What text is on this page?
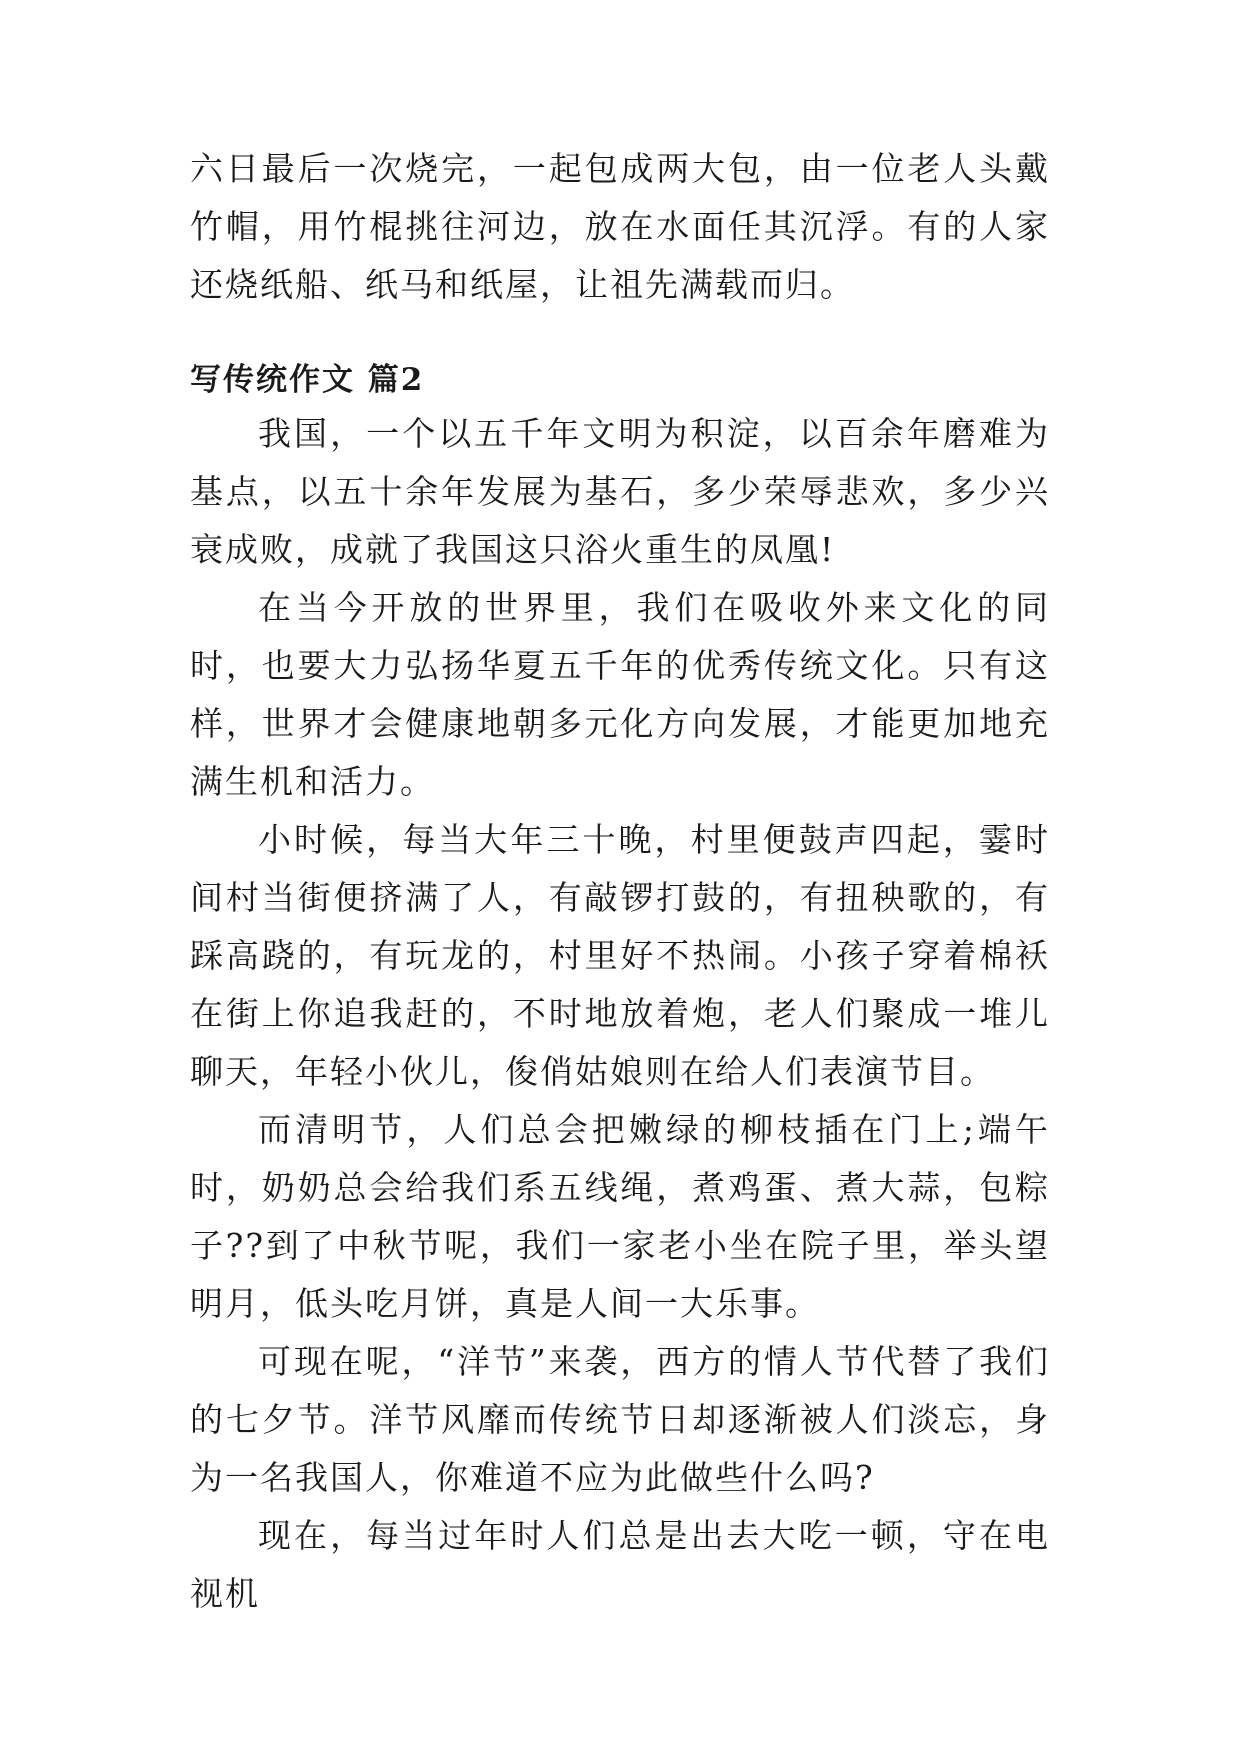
六日最后一次烧完，一起包成两大包，由一位老人头戴竹帽，用竹棍挑往河边，放在水面任其沉浮。有的人家还烧纸船、纸马和纸屋，让祖先满载而归。

写传统作文 篇2

我国，一个以五千年文明为积淀，以百余年磨难为基点，以五十余年发展为基石，多少荣辱悲欢，多少兴衰成败，成就了我国这只浴火重生的凤凰!

在当今开放的世界里，我们在吸收外来文化的同时，也要大力弘扬华夏五千年的优秀传统文化。只有这样，世界才会健康地朝多元化方向发展，才能更加地充满生机和活力。

小时候，每当大年三十晚，村里便鼓声四起，霎时间村当街便挤满了人，有敲锣打鼓的，有扭秧歌的，有踩高跷的，有玩龙的，村里好不热闹。小孩子穿着棉袄在街上你追我赶的，不时地放着炮，老人们聚成一堆儿聊天，年轻小伙儿，俊俏姑娘则在给人们表演节目。

而清明节，人们总会把嫩绿的柳枝插在门上;端午时，奶奶总会给我们系五线绳，煮鸡蛋、煮大蒜，包粽子??到了中秋节呢，我们一家老小坐在院子里，举头望明月，低头吃月饼，真是人间一大乐事。

可现在呢，“洋节”来袭，西方的情人节代替了我们的七夕节。洋节风靡而传统节日却逐渐被人们淡忘，身为一名我国人，你难道不应为此做些什么吗?

现在，每当过年时人们总是出去大吃一顿，守在电视机
